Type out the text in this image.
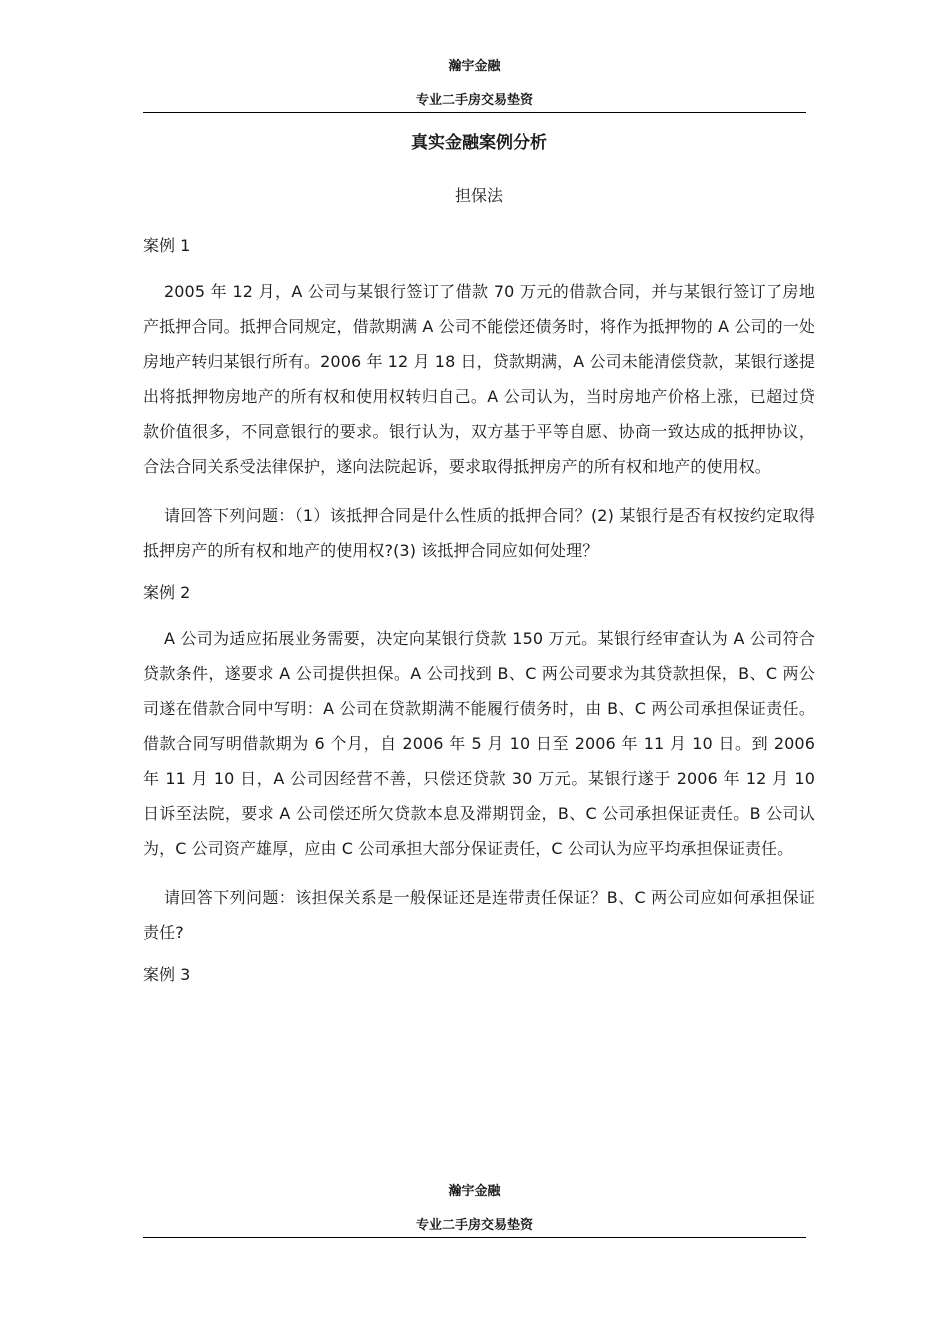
瀚宇金融
专业二手房交易垫资
真实金融案例分析
担保法
案例 1

2005 年 12 月，A 公司与某银行签订了借款 70 万元的借款合同，并与某银行签订了房地产抵押合同。抵押合同规定，借款期满 A 公司不能偿还债务时，将作为抵押物的 A 公司的一处房地产转归某银行所有。2006 年 12 月 18 日，贷款期满，A 公司未能清偿贷款，某银行遂提出将抵押物房地产的所有权和使用权转归自己。A 公司认为，当时房地产价格上涨，已超过贷款价值很多，不同意银行的要求。银行认为，双方基于平等自愿、协商一致达成的抵押协议，合法合同关系受法律保护，遂向法院起诉，要求取得抵押房产的所有权和地产的使用权。

请回答下列问题：（1）该抵押合同是什么性质的抵押合同？(2) 某银行是否有权按约定取得抵押房产的所有权和地产的使用权?(3) 该抵押合同应如何处理？

案例 2

A 公司为适应拓展业务需要，决定向某银行贷款 150 万元。某银行经审查认为 A 公司符合贷款条件，遂要求 A 公司提供担保。A 公司找到 B、C 两公司要求为其贷款担保，B、C 两公司遂在借款合同中写明：A 公司在贷款期满不能履行债务时，由 B、C 两公司承担保证责任。借款合同写明借款期为 6 个月，自 2006 年 5 月 10 日至 2006 年 11 月 10 日。到 2006 年 11 月 10 日，A 公司因经营不善，只偿还贷款 30 万元。某银行遂于 2006 年 12 月 10 日诉至法院，要求 A 公司偿还所欠贷款本息及滞期罚金，B、C 公司承担保证责任。B 公司认为，C 公司资产雄厚，应由 C 公司承担大部分保证责任，C 公司认为应平均承担保证责任。

请回答下列问题：该担保关系是一般保证还是连带责任保证？B、C 两公司应如何承担保证责任?

案例 3
瀚宇金融
专业二手房交易垫资
